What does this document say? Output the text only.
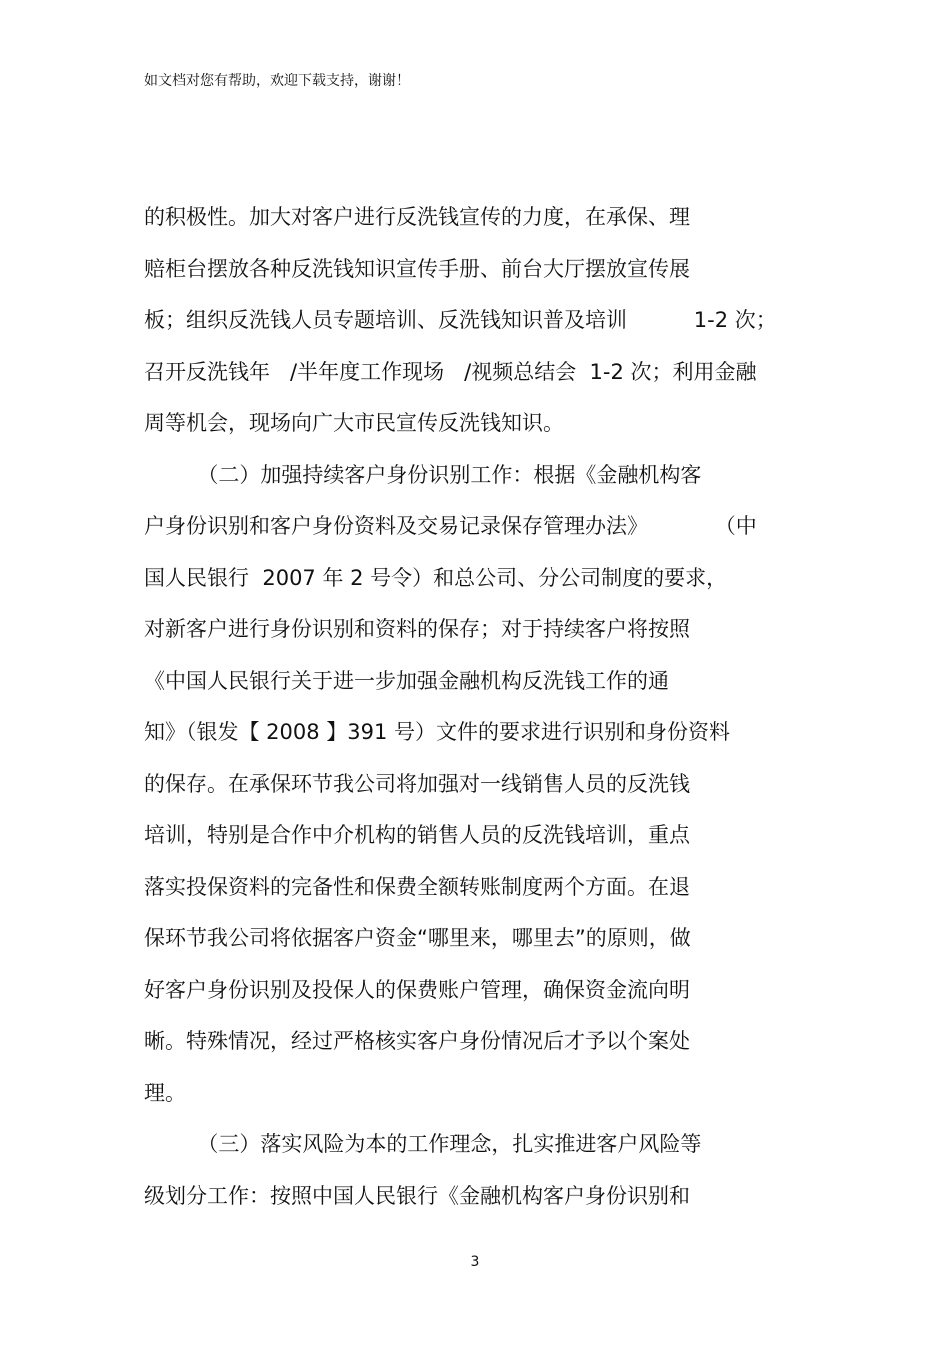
如文档对您有帮助，欢迎下载支持，谢谢！
的积极性。加大对客户进行反洗钱宣传的力度，在承保、理
赔柜台摆放各种反洗钱知识宣传手册、前台大厅摆放宣传展
板；组织反洗钱人员专题培训、反洗钱知识普及培训          1-2 次；
召开反洗钱年   /半年度工作现场   /视频总结会  1-2 次；利用金融
周等机会，现场向广大市民宣传反洗钱知识。
（二）加强持续客户身份识别工作：根据《金融机构客
户身份识别和客户身份资料及交易记录保存管理办法》          （中
国人民银行  2007 年 2 号令）和总公司、分公司制度的要求，
对新客户进行身份识别和资料的保存；对于持续客户将按照
《中国人民银行关于进一步加强金融机构反洗钱工作的通
知》（银发【 2008 】391 号）文件的要求进行识别和身份资料
的保存。在承保环节我公司将加强对一线销售人员的反洗钱
培训，特别是合作中介机构的销售人员的反洗钱培训，重点
落实投保资料的完备性和保费全额转账制度两个方面。在退
保环节我公司将依据客户资金“哪里来，哪里去”的原则，做
好客户身份识别及投保人的保费账户管理，确保资金流向明
晰。特殊情况，经过严格核实客户身份情况后才予以个案处
理。
（三）落实风险为本的工作理念，扎实推进客户风险等
级划分工作：按照中国人民银行《金融机构客户身份识别和
3
